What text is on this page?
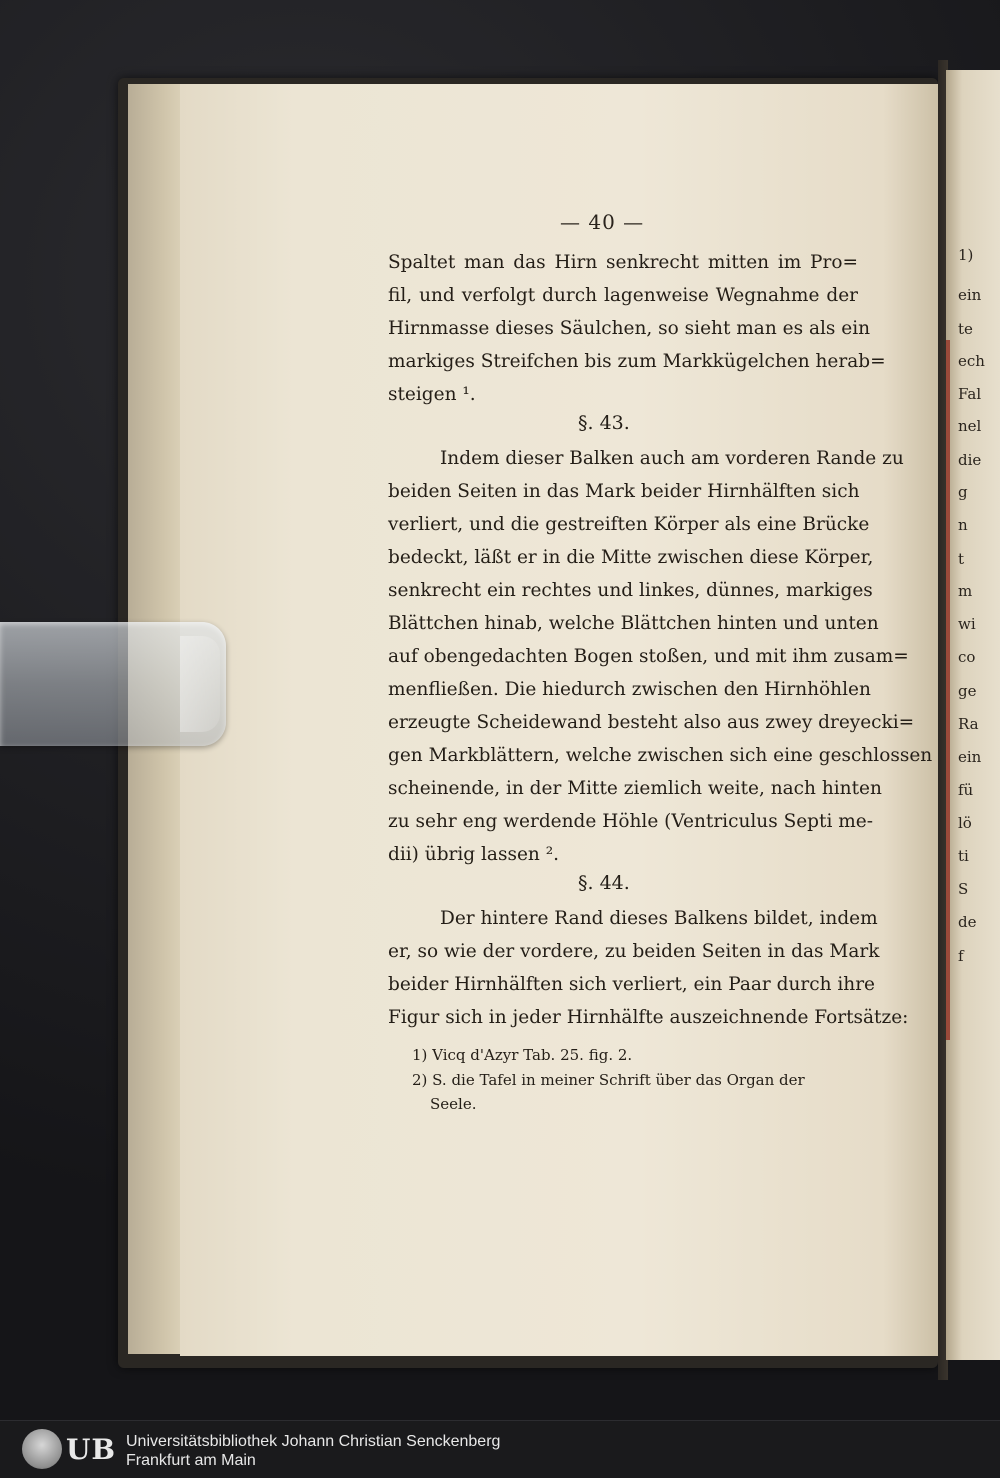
1)
ein
te
ech
Fal
nel
die
g
n
t
m
wi
co
ge
Ra
ein
fü
lö
ti
S
de
f
— 40 —
Spaltet man das Hirn senkrecht mitten im Pro=
fil, und verfolgt durch lagenweise Wegnahme der
Hirnmasse dieses Säulchen, so sieht man es als ein
markiges Streifchen bis zum Markkügelchen herab=
steigen ¹.
§. 43.
Indem dieser Balken auch am vorderen Rande zu
beiden Seiten in das Mark beider Hirnhälften sich
verliert, und die gestreiften Körper als eine Brücke
bedeckt, läßt er in die Mitte zwischen diese Körper,
senkrecht ein rechtes und linkes, dünnes, markiges
Blättchen hinab, welche Blättchen hinten und unten
auf obengedachten Bogen stoßen, und mit ihm zusam=
menfließen. Die hiedurch zwischen den Hirnhöhlen
erzeugte Scheidewand besteht also aus zwey dreyecki=
gen Markblättern, welche zwischen sich eine geschlossen
scheinende, in der Mitte ziemlich weite, nach hinten
zu sehr eng werdende Höhle (Ventriculus Septi me-
dii) übrig lassen ².
§. 44.
Der hintere Rand dieses Balkens bildet, indem
er, so wie der vordere, zu beiden Seiten in das Mark
beider Hirnhälften sich verliert, ein Paar durch ihre
Figur sich in jeder Hirnhälfte auszeichnende Fortsätze:
1) Vicq d'Azyr Tab. 25. fig. 2.
2) S. die Tafel in meiner Schrift über das Organ der
Seele.
UB Universitätsbibliothek Johann Christian Senckenberg
Frankfurt am Main
